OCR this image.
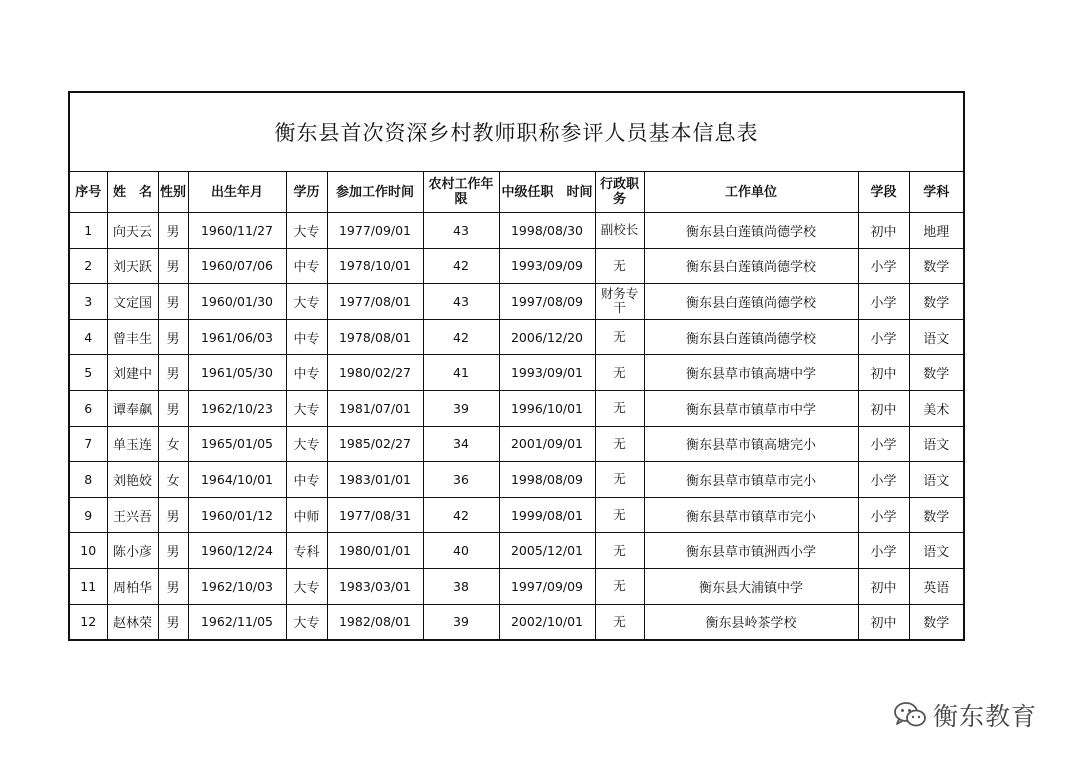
衡东县首次资深乡村教师职称参评人员基本信息表
序号	姓　名	性别	出生年月	学历	参加工作时间	农村工作年限	中级任职　时间	行政职务	工作单位	学段	学科
1	向天云	男	1960/11/27	大专	1977/09/01	43	1998/08/30	副校长	衡东县白莲镇尚德学校	初中	地理
2	刘天跃	男	1960/07/06	中专	1978/10/01	42	1993/09/09	无	衡东县白莲镇尚德学校	小学	数学
3	文定国	男	1960/01/30	大专	1977/08/01	43	1997/08/09	财务专干	衡东县白莲镇尚德学校	小学	数学
4	曾丰生	男	1961/06/03	中专	1978/08/01	42	2006/12/20	无	衡东县白莲镇尚德学校	小学	语文
5	刘建中	男	1961/05/30	中专	1980/02/27	41	1993/09/01	无	衡东县草市镇高塘中学	初中	数学
6	谭奉飙	男	1962/10/23	大专	1981/07/01	39	1996/10/01	无	衡东县草市镇草市中学	初中	美术
7	单玉连	女	1965/01/05	大专	1985/02/27	34	2001/09/01	无	衡东县草市镇高塘完小	小学	语文
8	刘艳姣	女	1964/10/01	中专	1983/01/01	36	1998/08/09	无	衡东县草市镇草市完小	小学	语文
9	王兴吾	男	1960/01/12	中师	1977/08/31	42	1999/08/01	无	衡东县草市镇草市完小	小学	数学
10	陈小彦	男	1960/12/24	专科	1980/01/01	40	2005/12/01	无	衡东县草市镇洲西小学	小学	语文
11	周柏华	男	1962/10/03	大专	1983/03/01	38	1997/09/09	无	衡东县大浦镇中学	初中	英语
12	赵林荣	男	1962/11/05	大专	1982/08/01	39	2002/10/01	无	衡东县岭茶学校	初中	数学
衡东教育
